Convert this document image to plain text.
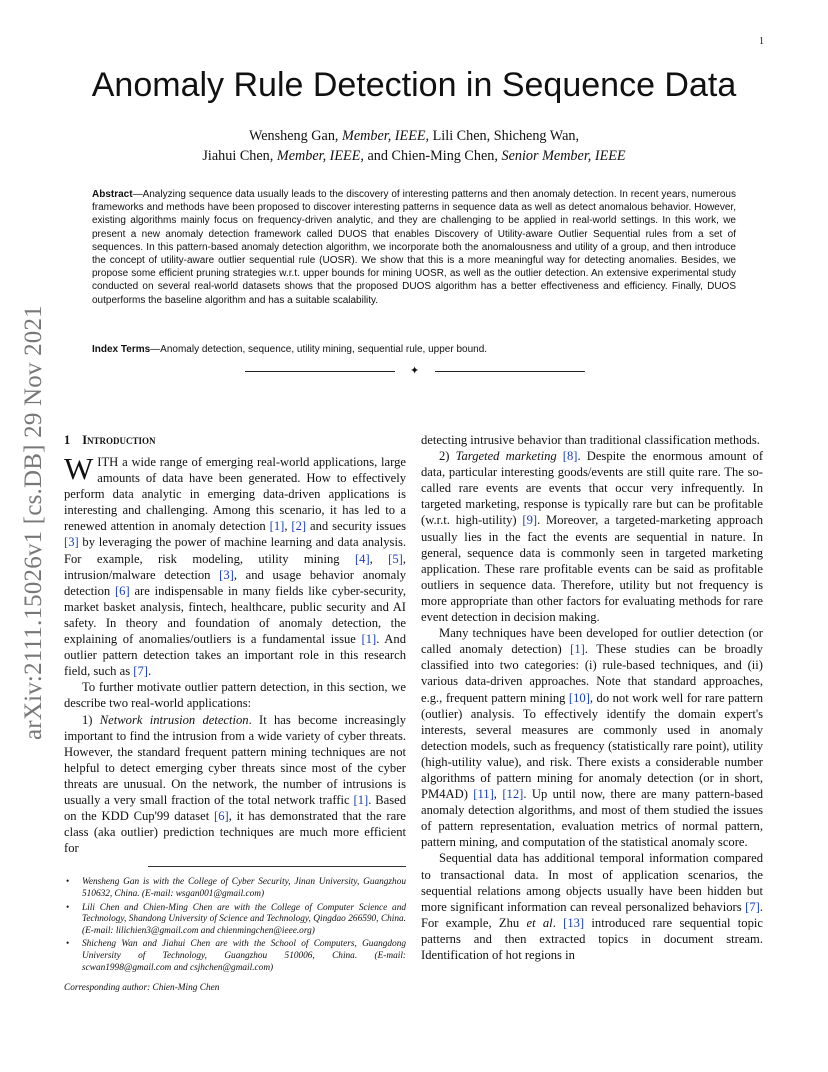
1
Anomaly Rule Detection in Sequence Data
Wensheng Gan, Member, IEEE, Lili Chen, Shicheng Wan,
Jiahui Chen, Member, IEEE, and Chien-Ming Chen, Senior Member, IEEE
Abstract—Analyzing sequence data usually leads to the discovery of interesting patterns and then anomaly detection. In recent years, numerous frameworks and methods have been proposed to discover interesting patterns in sequence data as well as detect anomalous behavior. However, existing algorithms mainly focus on frequency-driven analytic, and they are challenging to be applied in real-world settings. In this work, we present a new anomaly detection framework called DUOS that enables Discovery of Utility-aware Outlier Sequential rules from a set of sequences. In this pattern-based anomaly detection algorithm, we incorporate both the anomalousness and utility of a group, and then introduce the concept of utility-aware outlier sequential rule (UOSR). We show that this is a more meaningful way for detecting anomalies. Besides, we propose some efficient pruning strategies w.r.t. upper bounds for mining UOSR, as well as the outlier detection. An extensive experimental study conducted on several real-world datasets shows that the proposed DUOS algorithm has a better effectiveness and efficiency. Finally, DUOS outperforms the baseline algorithm and has a suitable scalability.
Index Terms—Anomaly detection, sequence, utility mining, sequential rule, upper bound.
✦
arXiv:2111.15026v1 [cs.DB] 29 Nov 2021 1 Introduction

WITH a wide range of emerging real-world applications, large amounts of data have been generated. How to effectively perform data analytic in emerging data-driven applications is interesting and challenging. Among this scenario, it has led to a renewed attention in anomaly detection [1], [2] and security issues [3] by leveraging the power of machine learning and data analysis. For example, risk modeling, utility mining [4], [5], intrusion/malware detection [3], and usage behavior anomaly detection [6] are indispensable in many fields like cyber-security, market basket analysis, fintech, healthcare, public security and AI safety. In theory and foundation of anomaly detection, the explaining of anomalies/outliers is a fundamental issue [1]. And outlier pattern detection takes an important role in this research field, such as [7].

To further motivate outlier pattern detection, in this section, we describe two real-world applications:

1) Network intrusion detection. It has become increasingly important to find the intrusion from a wide variety of cyber threats. However, the standard frequent pattern mining techniques are not helpful to detect emerging cyber threats since most of the cyber threats are unusual. On the network, the number of intrusions is usually a very small fraction of the total network traffic [1]. Based on the KDD Cup'99 dataset [6], it has demonstrated that the rare class (aka outlier) prediction techniques are much more efficient for

• Wensheng Gan is with the College of Cyber Security, Jinan University, Guangzhou 510632, China. (E-mail: wsgan001@gmail.com)
• Lili Chen and Chien-Ming Chen are with the College of Computer Science and Technology, Shandong University of Science and Technology, Qingdao 266590, China. (E-mail: lilichien3@gmail.com and chienmingchen@ieee.org)
• Shicheng Wan and Jiahui Chen are with the School of Computers, Guangdong University of Technology, Guangzhou 510006, China. (E-mail: scwan1998@gmail.com and csjhchen@gmail.com)
Corresponding author: Chien-Ming Chen

detecting intrusive behavior than traditional classification methods.

2) Targeted marketing [8]. Despite the enormous amount of data, particular interesting goods/events are still quite rare. The so-called rare events are events that occur very infrequently. In targeted marketing, response is typically rare but can be profitable (w.r.t. high-utility) [9]. Moreover, a targeted-marketing approach usually lies in the fact the events are sequential in nature. In general, sequence data is commonly seen in targeted marketing application. These rare profitable events can be said as profitable outliers in sequence data. Therefore, utility but not frequency is more appropriate than other factors for evaluating methods for rare event detection in decision making.

Many techniques have been developed for outlier detection (or called anomaly detection) [1]. These studies can be broadly classified into two categories: (i) rule-based techniques, and (ii) various data-driven approaches. Note that standard approaches, e.g., frequent pattern mining [10], do not work well for rare pattern (outlier) analysis. To effectively identify the domain expert's interests, several measures are commonly used in anomaly detection models, such as frequency (statistically rare point), utility (high-utility value), and risk. There exists a considerable number algorithms of pattern mining for anomaly detection (or in short, PM4AD) [11], [12]. Up until now, there are many pattern-based anomaly detection algorithms, and most of them studied the issues of pattern representation, evaluation metrics of normal pattern, pattern mining, and computation of the statistical anomaly score.

Sequential data has additional temporal information compared to transactional data. In most of application scenarios, the sequential relations among objects usually have been hidden but more significant information can reveal personalized behaviors [7]. For example, Zhu et al. [13] introduced rare sequential topic patterns and then extracted topics in document stream. Identification of hot regions in
